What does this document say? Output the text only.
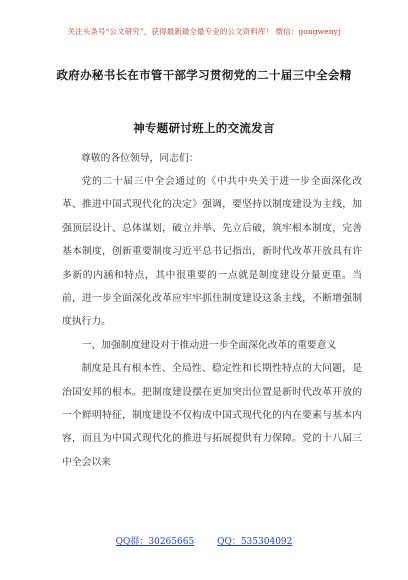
关注头条号“公文研究”，获得最新最全最专业的公文资料库！ 微信：gongwenyj
政府办秘书长在市管干部学习贯彻党的二十届三中全会精
神专题研讨班上的交流发言
尊敬的各位领导，同志们：

党的二十届三中全会通过的《中共中央关于进一步全面深化改革、推进中国式现代化的决定》强调，要坚持以制度建设为主线，加强顶层设计、总体谋划，破立并举、先立后破，筑牢根本制度，完善基本制度，创新重要制度习近平总书记指出，新时代改革开放具有许多新的内涵和特点，其中很重要的一点就是制度建设分量更重。当前，进一步全面深化改革应牢牢抓住制度建设这条主线，不断增强制度执行力。

一、加强制度建设对于推动进一步全面深化改革的重要意义

制度是具有根本性、全局性、稳定性和长期性特点的大问题，是治国安邦的根本。把制度建设摆在更加突出位置是新时代改革开放的一个鲜明特征，制度建设不仅构成中国式现代化的内在要素与基本内容，而且为中国式现代化的推进与拓展提供有力保障。党的十八届三中全会以来

QQ群：30265665	QQ：535304092
